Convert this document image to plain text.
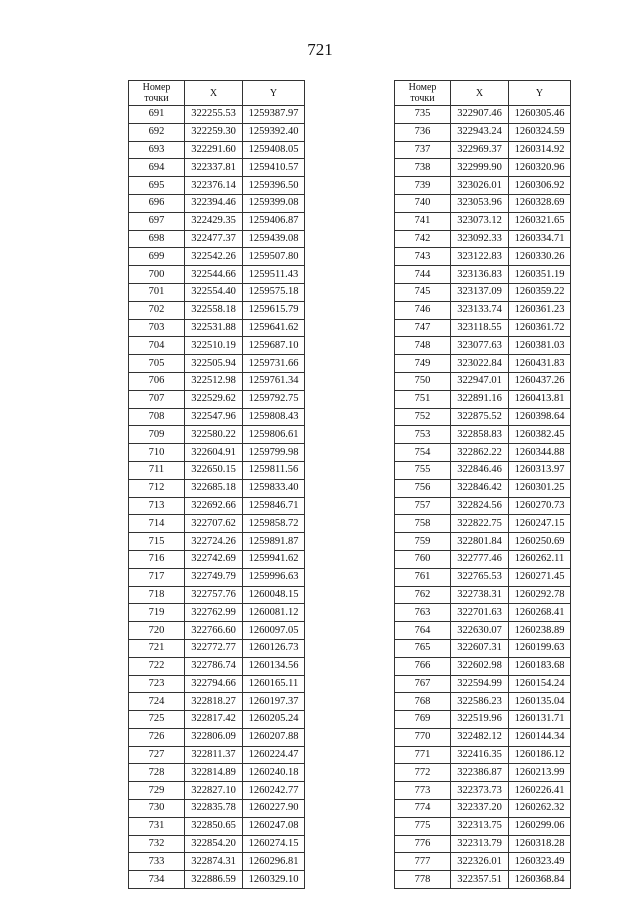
721
Номер
точки	X	Y
691	322255.53	1259387.97
692	322259.30	1259392.40
693	322291.60	1259408.05
694	322337.81	1259410.57
695	322376.14	1259396.50
696	322394.46	1259399.08
697	322429.35	1259406.87
698	322477.37	1259439.08
699	322542.26	1259507.80
700	322544.66	1259511.43
701	322554.40	1259575.18
702	322558.18	1259615.79
703	322531.88	1259641.62
704	322510.19	1259687.10
705	322505.94	1259731.66
706	322512.98	1259761.34
707	322529.62	1259792.75
708	322547.96	1259808.43
709	322580.22	1259806.61
710	322604.91	1259799.98
711	322650.15	1259811.56
712	322685.18	1259833.40
713	322692.66	1259846.71
714	322707.62	1259858.72
715	322724.26	1259891.87
716	322742.69	1259941.62
717	322749.79	1259996.63
718	322757.76	1260048.15
719	322762.99	1260081.12
720	322766.60	1260097.05
721	322772.77	1260126.73
722	322786.74	1260134.56
723	322794.66	1260165.11
724	322818.27	1260197.37
725	322817.42	1260205.24
726	322806.09	1260207.88
727	322811.37	1260224.47
728	322814.89	1260240.18
729	322827.10	1260242.77
730	322835.78	1260227.90
731	322850.65	1260247.08
732	322854.20	1260274.15
733	322874.31	1260296.81
734	322886.59	1260329.10
Номер
точки	X	Y
735	322907.46	1260305.46
736	322943.24	1260324.59
737	322969.37	1260314.92
738	322999.90	1260320.96
739	323026.01	1260306.92
740	323053.96	1260328.69
741	323073.12	1260321.65
742	323092.33	1260334.71
743	323122.83	1260330.26
744	323136.83	1260351.19
745	323137.09	1260359.22
746	323133.74	1260361.23
747	323118.55	1260361.72
748	323077.63	1260381.03
749	323022.84	1260431.83
750	322947.01	1260437.26
751	322891.16	1260413.81
752	322875.52	1260398.64
753	322858.83	1260382.45
754	322862.22	1260344.88
755	322846.46	1260313.97
756	322846.42	1260301.25
757	322824.56	1260270.73
758	322822.75	1260247.15
759	322801.84	1260250.69
760	322777.46	1260262.11
761	322765.53	1260271.45
762	322738.31	1260292.78
763	322701.63	1260268.41
764	322630.07	1260238.89
765	322607.31	1260199.63
766	322602.98	1260183.68
767	322594.99	1260154.24
768	322586.23	1260135.04
769	322519.96	1260131.71
770	322482.12	1260144.34
771	322416.35	1260186.12
772	322386.87	1260213.99
773	322373.73	1260226.41
774	322337.20	1260262.32
775	322313.75	1260299.06
776	322313.79	1260318.28
777	322326.01	1260323.49
778	322357.51	1260368.84
